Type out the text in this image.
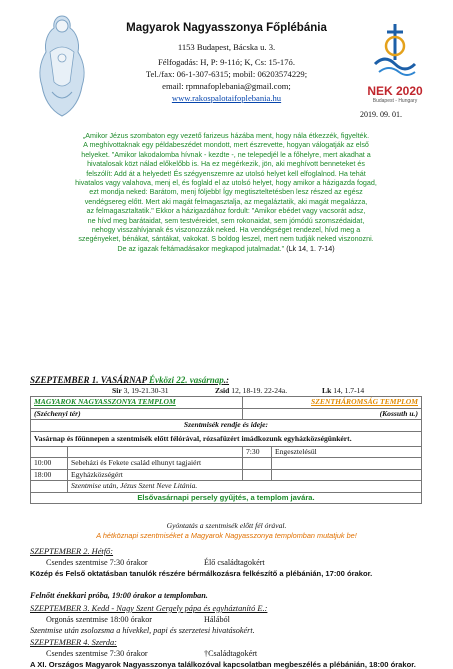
Magyarok Nagyasszonya Főplébánia
1153 Budapest, Bácska u. 3.
Félfogadás: H, P: 9-11ó; K, Cs: 15-17ó.
Tel./fax: 06-1-307-6315; mobil: 06203574229;
email: rpmnafoplebania@gmail.com;
www.rakospalotaifoplebania.hu	NEK 2020
Budapest - Hungary
2019. 09. 01.
„Amikor Jézus szombaton egy vezető farizeus házába ment, hogy nála étkezzék, figyelték.
A meghívottaknak egy példabeszédet mondott, mert észrevette, hogyan válogatják az első
helyeket. "Amikor lakodalomba hívnak - kezdte -, ne telepedjél le a főhelyre, mert akadhat a
hivatalosak közt nálad előkelőbb is. Ha ez megérkezik, jön, aki meghívott benneteket és
felszólít: Add át a helyedet! És szégyenszemre az utolsó helyet kell elfoglalnod. Ha tehát
hivatalos vagy valahova, menj el, és foglald el az utolsó helyet, hogy amikor a házigazda fogad,
ezt mondja neked: Barátom, menj följebb! Így megtiszteltetésben lesz részed az egész
vendégsereg előtt. Mert aki magát felmagasztalja, az megaláztatik, aki magát megalázza,
az felmagasztaltatik." Ekkor a házigazdához fordult: "Amikor ebédet vagy vacsorát adsz,
ne hívd meg barátaidat, sem testvéreidet, sem rokonaidat, sem jómódú szomszédaidat,
nehogy visszahívjanak és viszonozzák neked. Ha vendégséget rendezel, hívd meg a
szegényeket, bénákat, sántákat, vakokat. S boldog leszel, mert nem tudják neked viszonozni.
De az igazak feltámadásakor megkapod jutalmadat." (Lk 14, 1. 7-14)
SZEPTEMBER 1. VASÁRNAP Évközi 22. vasárnap.:
Sir 3, 19-21.30-31	Zsid 12, 18-19. 22-24a.	Lk 14, 1.7-14
MAGYAROK NAGYASSZONYA TEMPLOM		SZENTHÁROMSÁG TEMPLOM	
(Széchenyi tér)		(Kossuth u.)	
Szentmisék rendje és ideje:			
Vasárnap és főünnepen a szentmisék előtt félórával, rózsafüzért imádkozunk egyházközségünkért.			
		7:30	Engesztelésül
10:00	Sebeházi és Fekete család elhunyt tagjaiért		
18:00	Egyházközségért		
	Szentmise után, Jézus Szent Neve Litánia.		
Elsővasárnapi persely gyűjtés, a templom javára.			
Gyóntatás a szentmisék előtt fél órával.
A hétköznapi szentmiséket a Magyarok Nagyasszonya templomban mutatjuk be!
SZEPTEMBER 2. Hétfő:
Csendes szentmise 7:30 órakor	Élő családtagokért
Közép és Felső oktatásban tanulók részére bérmálkozásra felkészítő a plébánián, 17:00 órakor.
Felnőtt énekkari próba, 19:00 órakor a templomban.
SZEPTEMBER 3. Kedd - Nagy Szent Gergely pápa és egyháztanító E.:
Orgonás szentmise 18:00 órakor	Hálából
Szentmise után zsolozsma a hívekkel, papi és szerzetesi hivatásokért.
SZEPTEMBER 4. Szerda:
Csendes szentmise 7:30 órakor	†Családtagokért
A XI. Országos Magyarok Nagyasszonya találkozóval kapcsolatban megbeszélés a plébánián, 18:00 órakor.
